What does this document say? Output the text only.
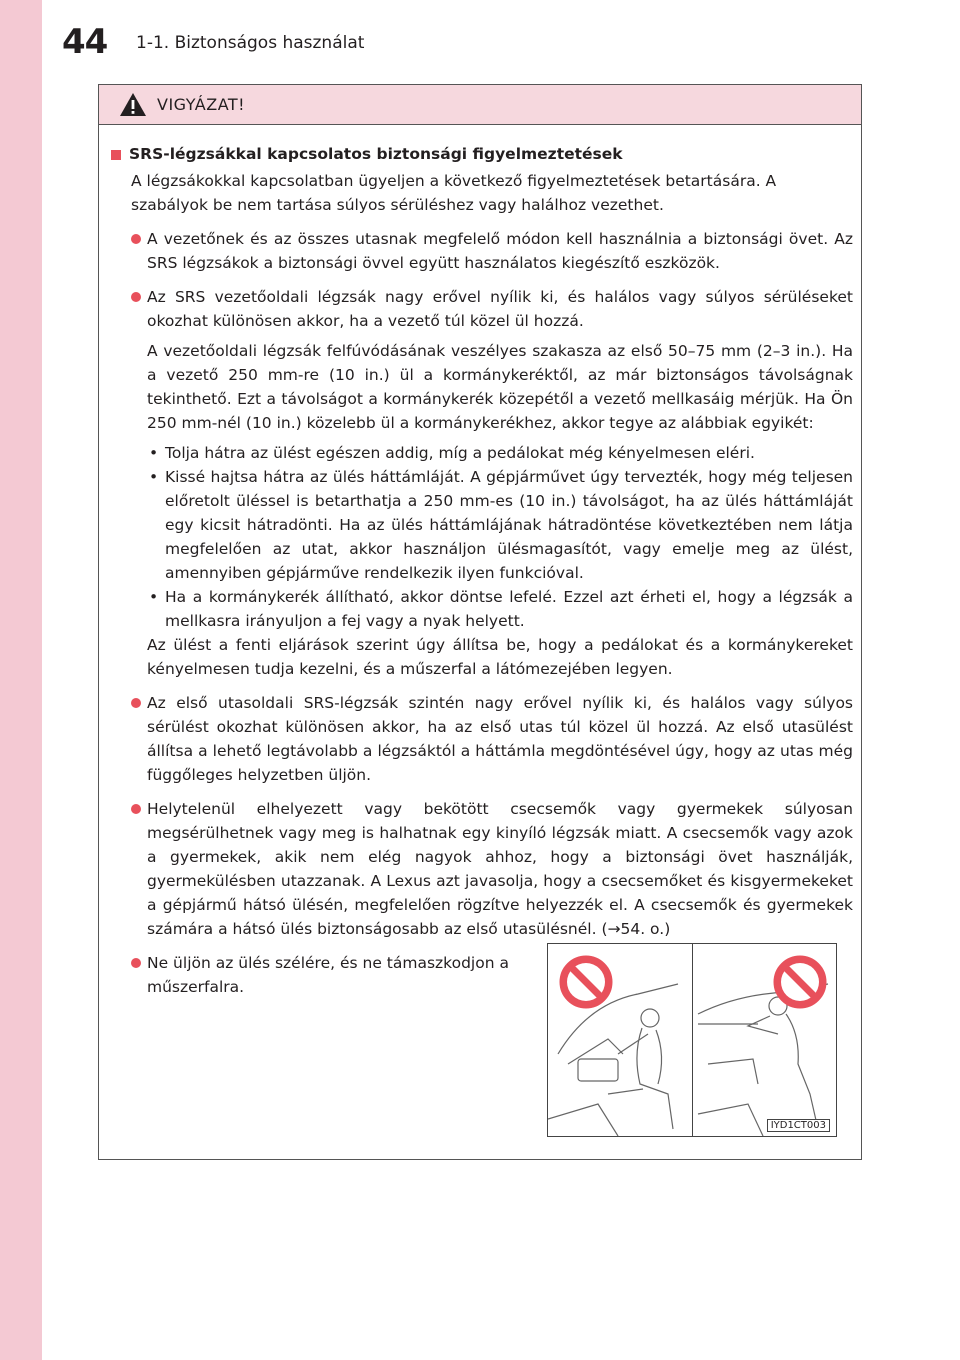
44 1-1. Biztonságos használat
VIGYÁZAT!
SRS-légzsákkal kapcsolatos biztonsági figyelmeztetések
A légzsákokkal kapcsolatban ügyeljen a következő figyelmeztetések betartására. A szabályok be nem tartása súlyos sérüléshez vagy halálhoz vezethet.
A vezetőnek és az összes utasnak megfelelő módon kell használnia a biztonsági övet. Az SRS légzsákok a biztonsági övvel együtt használatos kiegészítő eszközök.
Az SRS vezetőoldali légzsák nagy erővel nyílik ki, és halálos vagy súlyos sérüléseket okozhat különösen akkor, ha a vezető túl közel ül hozzá.
A vezetőoldali légzsák felfúvódásának veszélyes szakasza az első 50–75 mm (2–3 in.). Ha a vezető 250 mm-re (10 in.) ül a kormánykeréktől, az már biztonságos távolságnak tekinthető. Ezt a távolságot a kormánykerék közepétől a vezető mellkasáig mérjük. Ha Ön 250 mm-nél (10 in.) közelebb ül a kormánykerékhez, akkor tegye az alábbiak egyikét:
• Tolja hátra az ülést egészen addig, míg a pedálokat még kényelmesen eléri.
• Kissé hajtsa hátra az ülés háttámláját. A gépjárművet úgy tervezték, hogy még teljesen előretolt üléssel is betarthatja a 250 mm-es (10 in.) távolságot, ha az ülés háttámláját egy kicsit hátradönti. Ha az ülés háttámlájának hátradöntése következtében nem látja megfelelően az utat, akkor használjon ülésmagasítót, vagy emelje meg az ülést, amennyiben gépjárműve rendelkezik ilyen funkcióval.
• Ha a kormánykerék állítható, akkor döntse lefelé. Ezzel azt érheti el, hogy a légzsák a mellkasra irányuljon a fej vagy a nyak helyett.
Az ülést a fenti eljárások szerint úgy állítsa be, hogy a pedálokat és a kormánykereket kényelmesen tudja kezelni, és a műszerfal a látómezejében legyen.
Az első utasoldali SRS-légzsák szintén nagy erővel nyílik ki, és halálos vagy súlyos sérülést okozhat különösen akkor, ha az első utas túl közel ül hozzá. Az első utasülést állítsa a lehető legtávolabb a légzsáktól a háttámla megdöntésével úgy, hogy az utas még függőleges helyzetben üljön.
Helytelenül elhelyezett vagy bekötött csecsemők vagy gyermekek súlyosan megsérülhetnek vagy meg is halhatnak egy kinyíló légzsák miatt. A csecsemők vagy azok a gyermekek, akik nem elég nagyok ahhoz, hogy a biztonsági övet használják, gyermekülésben utazzanak. A Lexus azt javasolja, hogy a csecsemőket és kisgyermekeket a gépjármű hátsó ülésén, megfelelően rögzítve helyezzék el. A csecsemők és gyermekek számára a hátsó ülés biztonságosabb az első utasülésnél. (→54. o.)
Ne üljön az ülés szélére, és ne támaszkodjon a műszerfalra.
IYD1CT003
